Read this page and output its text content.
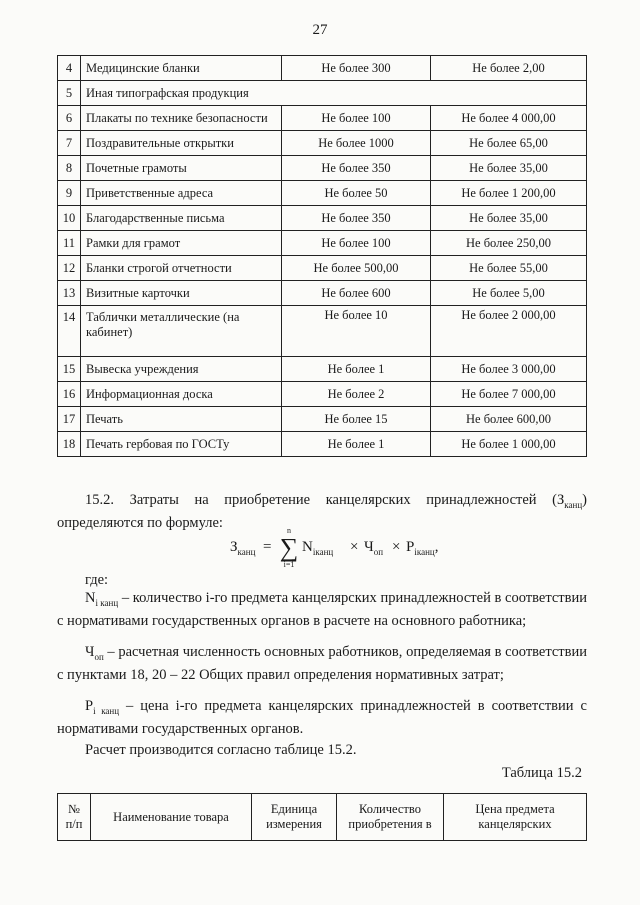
27
4	Медицинские бланки	Не более 300	Не более 2,00
5	Иная типографская продукция		
6	Плакаты по технике безопасности	Не более 100	Не более 4 000,00
7	Поздравительные открытки	Не более 1000	Не более 65,00
8	Почетные грамоты	Не более 350	Не более 35,00
9	Приветственные адреса	Не более 50	Не более 1 200,00
10	Благодарственные письма	Не более 350	Не более 35,00
11	Рамки для грамот	Не более 100	Не более 250,00
12	Бланки строгой отчетности	Не более 500,00	Не более 55,00
13	Визитные карточки	Не более 600	Не более 5,00
14	Таблички металлические (на кабинет)	Не более 10	Не более 2 000,00
15	Вывеска учреждения	Не более 1	Не более 3 000,00
16	Информационная доска	Не более 2	Не более 7 000,00
17	Печать	Не более 15	Не более 600,00
18	Печать гербовая по ГОСТу	Не более 1	Не более 1 000,00
15.2. Затраты на приобретение канцелярских принадлежностей $(З_{канц})$ определяются по формуле:
$З_{канц}$ =
n
∑
i=1
$N_{iканц} \times Ч_{оп} \times P_{iканц}$,
где:
$N_{i канц}$ – количество i-го предмета канцелярских принадлежностей в соответствии с нормативами государственных органов в расчете на основного работника;
$Ч_{оп}$ – расчетная численность основных работников, определяемая в соответствии с пунктами 18, 20 – 22 Общих правил определения нормативных затрат;
$P_{i канц}$ – цена i-го предмета канцелярских принадлежностей в соответствии с нормативами государственных органов.
Расчет производится согласно таблице 15.2.
Таблица 15.2
№ п/п	Наименование товара	Единица измерения	Количество приобретения в	Цена предмета канцелярских
